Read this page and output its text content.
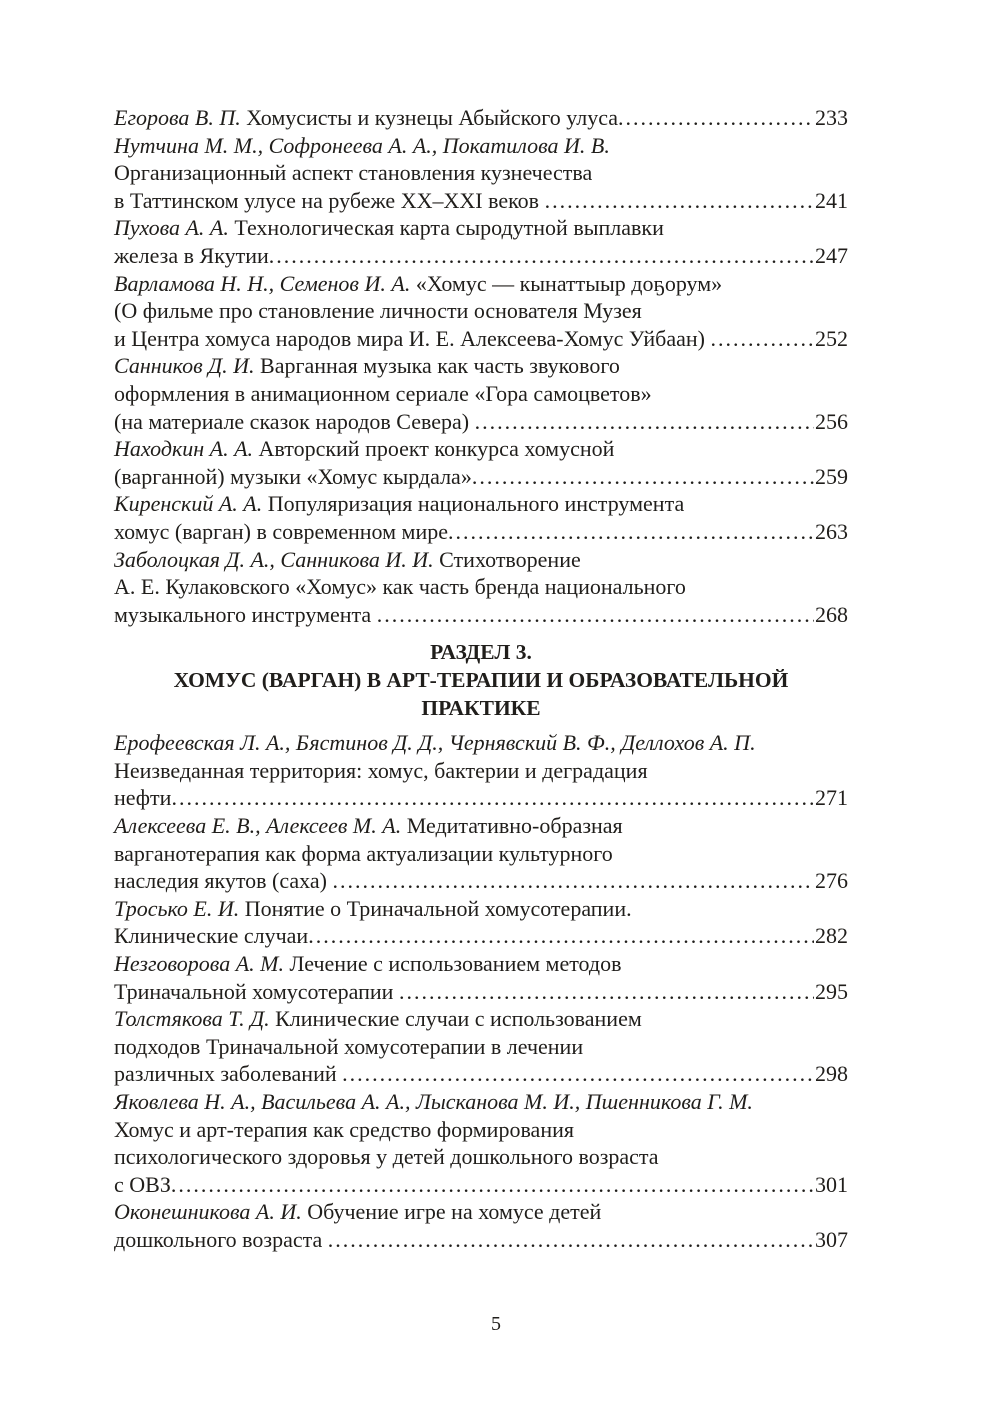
Егорова В. П. Хомусисты и кузнецы Абыйского улуса .....	233
Нутчина М. М., Софронеева А. А., Покатилова И. В.
Организационный аспект становления кузнечества
в Таттинском улусе на рубеже XX–XXI веков .....	241
Пухова А. А. Технологическая карта сыродутной выплавки
железа в Якутии .....	247
Варламова Н. Н., Семенов И. А. «Хомус — кынаттыыр доҕорум»
(О фильме про становление личности основателя Музея
и Центра хомуса народов мира И. Е. Алексеева-Хомус Уйбаан) .....	252
Санников Д. И. Варганная музыка как часть звукового
оформления в анимационном сериале «Гора самоцветов»
(на материале сказок народов Севера) .....	256
Находкин А. А. Авторский проект конкурса хомусной
(варганной) музыки «Хомус кырдала» .....	259
Киренский А. А. Популяризация национального инструмента
хомус (варган) в современном мире .....	263
Заболоцкая Д. А., Санникова И. И. Стихотворение
А. Е. Кулаковского «Хомус» как часть бренда национального
музыкального инструмента .....	268
РАЗДЕЛ 3.
ХОМУС (ВАРГАН) В АРТ-ТЕРАПИИ И ОБРАЗОВАТЕЛЬНОЙ
ПРАКТИКЕ
Ерофеевская Л. А., Бястинов Д. Д., Чернявский В. Ф., Деллохов А. П.
Неизведанная территория: хомус, бактерии и деградация
нефти .....	271
Алексеева Е. В., Алексеев М. А. Медитативно-образная
варганотерапия как форма актуализации культурного
наследия якутов (саха) .....	276
Тросько Е. И. Понятие о Триначальной хомусотерапии.
Клинические случаи .....	282
Незговорова А. М. Лечение с использованием методов
Триначальной хомусотерапии .....	295
Толстякова Т. Д. Клинические случаи с использованием
подходов Триначальной хомусотерапии в лечении
различных заболеваний .....	298
Яковлева Н. А., Васильева А. А., Лысканова М. И., Пшенникова Г. М.
Хомус и арт-терапия как средство формирования
психологического здоровья у детей дошкольного возраста
с ОВЗ .....	301
Оконешникова А. И. Обучение игре на хомусе детей
дошкольного возраста .....	307
5
